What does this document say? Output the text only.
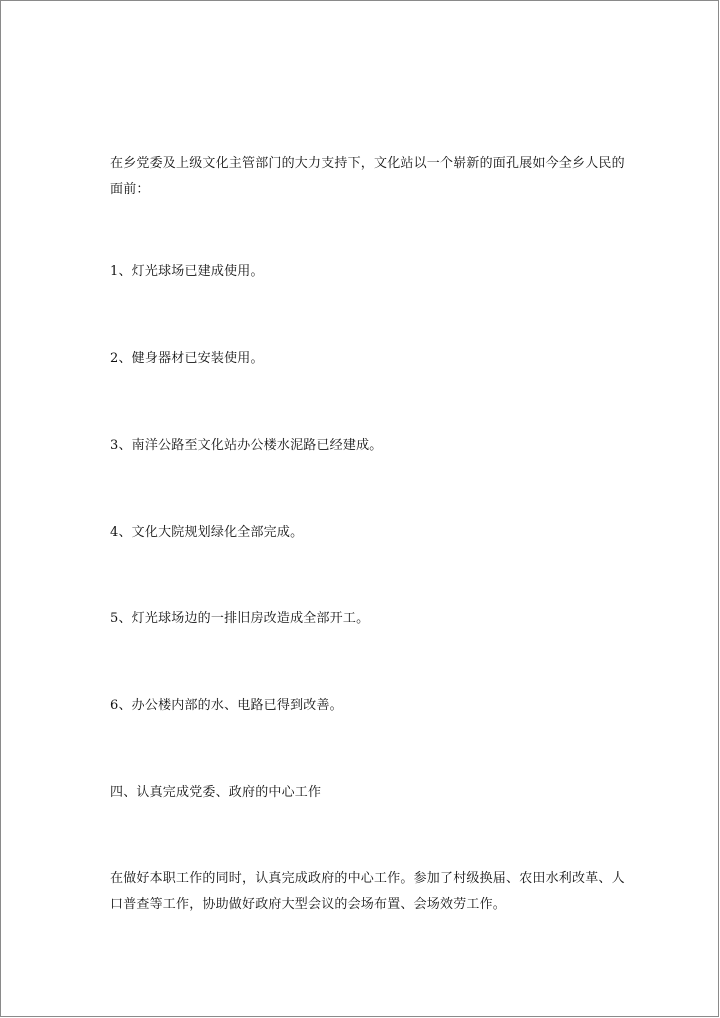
在乡党委及上级文化主管部门的大力支持下，文化站以一个崭新的面孔展如今全乡人民的面前：
1、灯光球场已建成使用。
2、健身器材已安装使用。
3、南洋公路至文化站办公楼水泥路已经建成。
4、文化大院规划绿化全部完成。
5、灯光球场边的一排旧房改造成全部开工。
6、办公楼内部的水、电路已得到改善。
四、认真完成党委、政府的中心工作
在做好本职工作的同时，认真完成政府的中心工作。参加了村级换届、农田水利改革、人口普查等工作，协助做好政府大型会议的会场布置、会场效劳工作。
